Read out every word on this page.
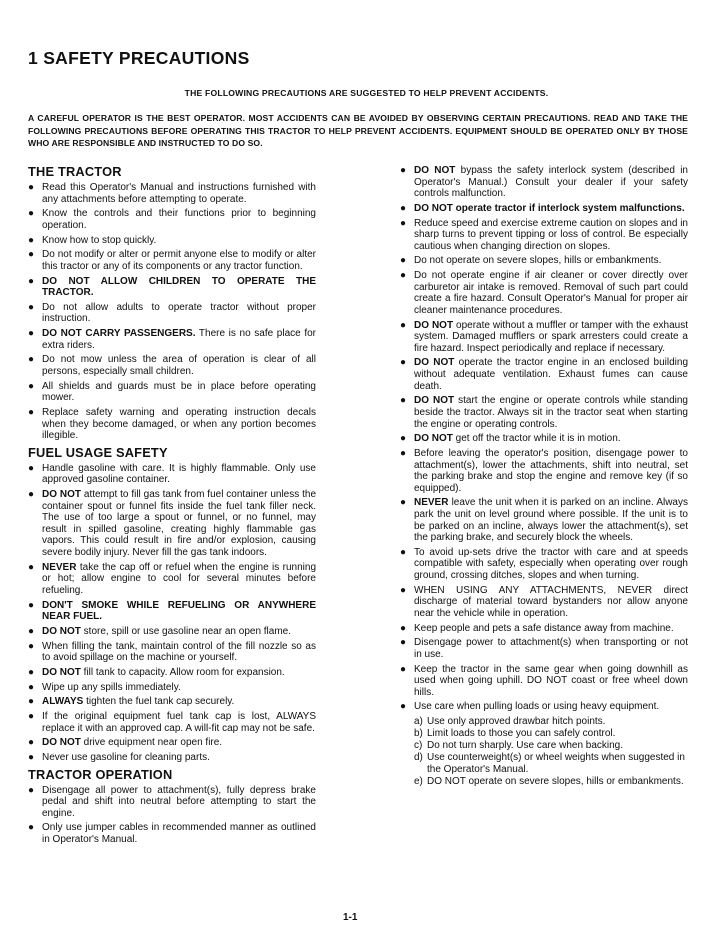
1 SAFETY PRECAUTIONS
THE FOLLOWING PRECAUTIONS ARE SUGGESTED TO HELP PREVENT ACCIDENTS.
A CAREFUL OPERATOR IS THE BEST OPERATOR. MOST ACCIDENTS CAN BE AVOIDED BY OBSERVING CERTAIN PRECAUTIONS. READ AND TAKE THE FOLLOWING PRECAUTIONS BEFORE OPERATING THIS TRACTOR TO HELP PREVENT ACCIDENTS. EQUIPMENT SHOULD BE OPERATED ONLY BY THOSE WHO ARE RESPONSIBLE AND INSTRUCTED TO DO SO.
THE TRACTOR
● Read this Operator's Manual and instructions furnished with any attachments before attempting to operate.
● Know the controls and their functions prior to beginning operation.
● Know how to stop quickly.
● Do not modify or alter or permit anyone else to modify or alter this tractor or any of its components or any tractor function.
● DO NOT ALLOW CHILDREN TO OPERATE THE TRACTOR.
● Do not allow adults to operate tractor without proper instruction.
● DO NOT CARRY PASSENGERS. There is no safe place for extra riders.
● Do not mow unless the area of operation is clear of all persons, especially small children.
● All shields and guards must be in place before operating mower.
● Replace safety warning and operating instruction decals when they become damaged, or when any portion becomes illegible.
FUEL USAGE SAFETY
● Handle gasoline with care. It is highly flammable. Only use approved gasoline container.
● DO NOT attempt to fill gas tank from fuel container unless the container spout or funnel fits inside the fuel tank filler neck. The use of too large a spout or funnel, or no funnel, may result in spilled gasoline, creating highly flammable gas vapors. This could result in fire and/or explosion, causing severe bodily injury. Never fill the gas tank indoors.
● NEVER take the cap off or refuel when the engine is running or hot; allow engine to cool for several minutes before refueling.
● DON'T SMOKE WHILE REFUELING OR ANYWHERE NEAR FUEL.
● DO NOT store, spill or use gasoline near an open flame.
● When filling the tank, maintain control of the fill nozzle so as to avoid spillage on the machine or yourself.
● DO NOT fill tank to capacity. Allow room for expansion.
● Wipe up any spills immediately.
● ALWAYS tighten the fuel tank cap securely.
● If the original equipment fuel tank cap is lost, ALWAYS replace it with an approved cap. A will-fit cap may not be safe.
● DO NOT drive equipment near open fire.
● Never use gasoline for cleaning parts.
TRACTOR OPERATION
● Disengage all power to attachment(s), fully depress brake pedal and shift into neutral before attempting to start the engine.
● Only use jumper cables in recommended manner as outlined in Operator's Manual.
● DO NOT bypass the safety interlock system (described in Operator's Manual.) Consult your dealer if your safety controls malfunction.
● DO NOT operate tractor if interlock system malfunctions.
● Reduce speed and exercise extreme caution on slopes and in sharp turns to prevent tipping or loss of control. Be especially cautious when changing direction on slopes.
● Do not operate on severe slopes, hills or embankments.
● Do not operate engine if air cleaner or cover directly over carburetor air intake is removed. Removal of such part could create a fire hazard. Consult Operator's Manual for proper air cleaner maintenance procedures.
● DO NOT operate without a muffler or tamper with the exhaust system. Damaged mufflers or spark arresters could create a fire hazard. Inspect periodically and replace if necessary.
● DO NOT operate the tractor engine in an enclosed building without adequate ventilation. Exhaust fumes can cause death.
● DO NOT start the engine or operate controls while standing beside the tractor. Always sit in the tractor seat when starting the engine or operating controls.
● DO NOT get off the tractor while it is in motion.
● Before leaving the operator's position, disengage power to attachment(s), lower the attachments, shift into neutral, set the parking brake and stop the engine and remove key (if so equipped).
● NEVER leave the unit when it is parked on an incline. Always park the unit on level ground where possible. If the unit is to be parked on an incline, always lower the attachment(s), set the parking brake, and securely block the wheels.
● To avoid up-sets drive the tractor with care and at speeds compatible with safety, especially when operating over rough ground, crossing ditches, slopes and when turning.
● WHEN USING ANY ATTACHMENTS, NEVER direct discharge of material toward bystanders nor allow anyone near the vehicle while in operation.
● Keep people and pets a safe distance away from machine.
● Disengage power to attachment(s) when transporting or not in use.
● Keep the tractor in the same gear when going downhill as used when going uphill. DO NOT coast or free wheel down hills.
● Use care when pulling loads or using heavy equipment.
a) Use only approved drawbar hitch points.
b) Limit loads to those you can safely control.
c) Do not turn sharply. Use care when backing.
d) Use counterweight(s) or wheel weights when suggested in the Operator's Manual.
e) DO NOT operate on severe slopes, hills or embankments.
1-1
